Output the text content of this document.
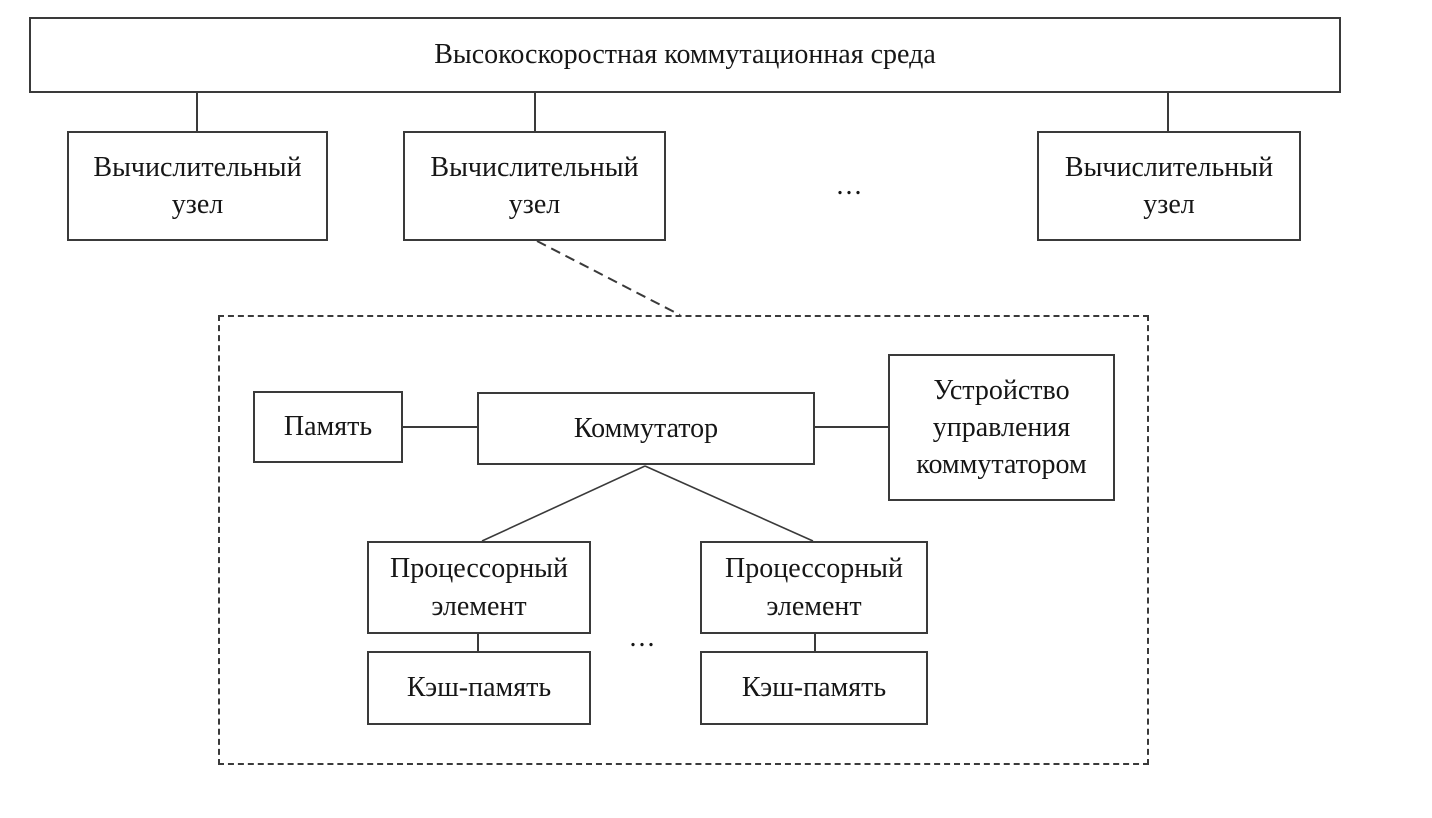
Высокоскоростная коммутационная среда
Вычислительный узел
Вычислительный узел
Вычислительный узел
...
Память	Коммутатор
Устройство управления коммутатором
Процессорный элемент
Процессорный элемент
...
Кэш-память	Кэш-память
